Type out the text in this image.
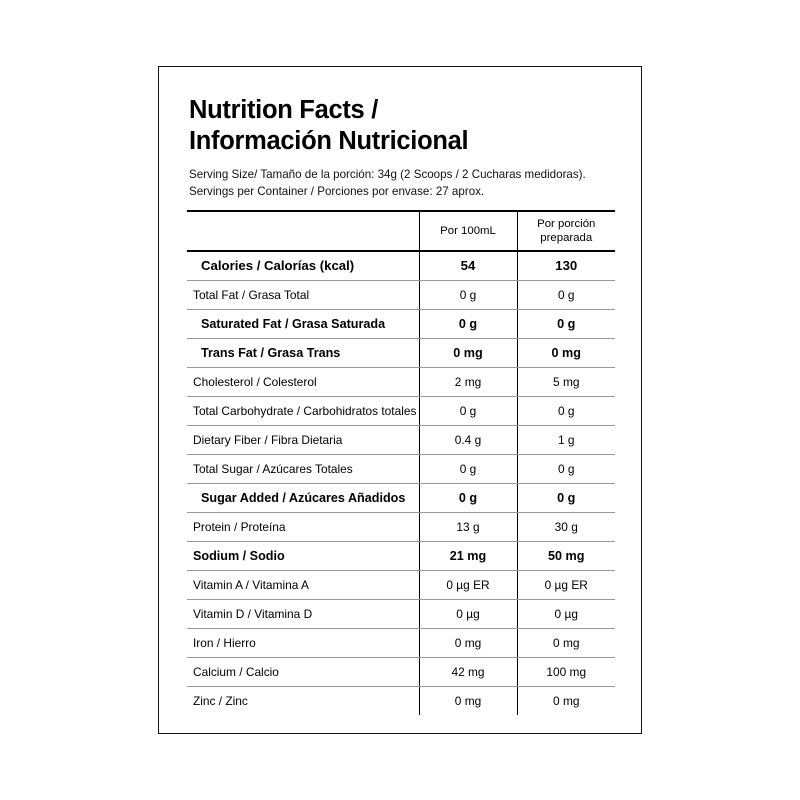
Nutrition Facts /
Información Nutricional
Serving Size/ Tamaño de la porción: 34g (2 Scoops / 2 Cucharas medidoras).
Servings per Container / Porciones por envase: 27 aprox.
	Por 100mL	Por porción
preparada
Calories / Calorías (kcal)	54	130
Total Fat / Grasa Total	0 g	0 g
Saturated Fat / Grasa Saturada	0 g	0 g
Trans Fat / Grasa Trans	0 mg	0 mg
Cholesterol / Colesterol	2 mg	5 mg
Total Carbohydrate / Carbohidratos totales	0 g	0 g
Dietary Fiber / Fibra Dietaria	0.4 g	1 g
Total Sugar / Azúcares Totales	0 g	0 g
Sugar Added / Azúcares Añadidos	0 g	0 g
Protein / Proteína	13 g	30 g
Sodium / Sodio	21 mg	50 mg
Vitamin A / Vitamina A	0 µg ER	0 µg ER
Vitamin D / Vitamina D	0 µg	0 µg
Iron / Hierro	0 mg	0 mg
Calcium / Calcio	42 mg	100 mg
Zinc / Zinc	0 mg	0 mg
